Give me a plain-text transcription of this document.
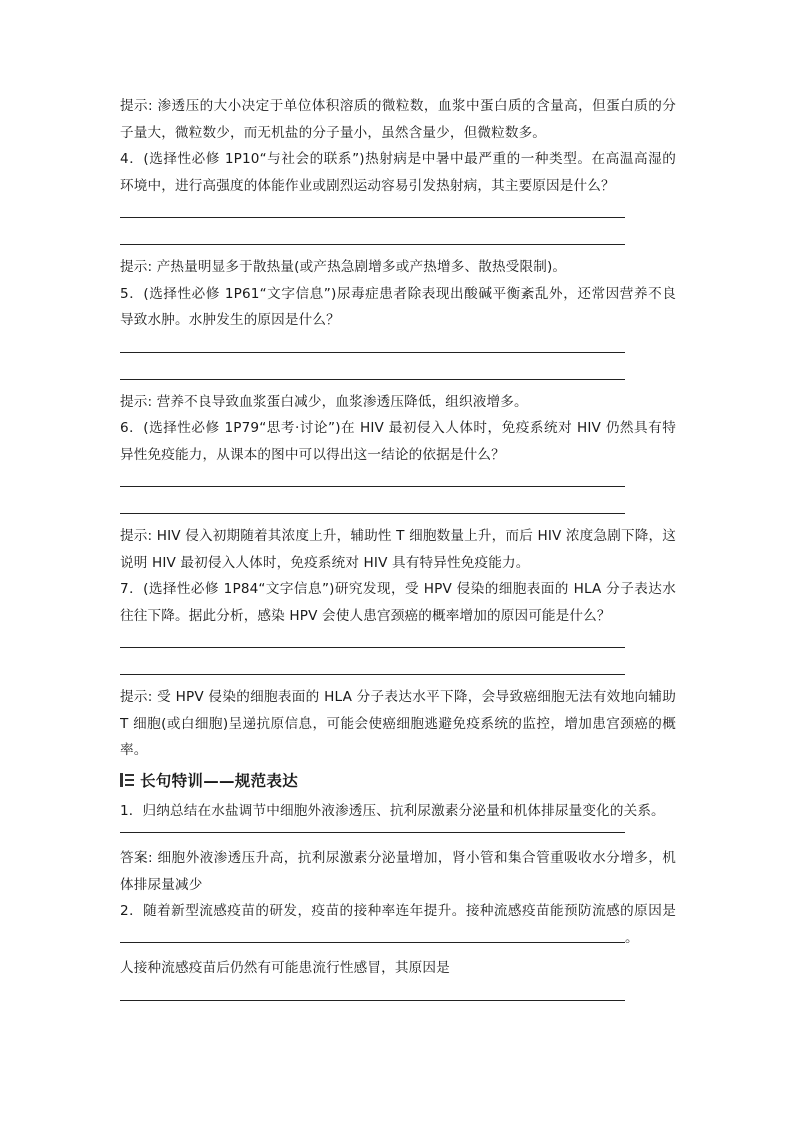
提示: 渗透压的大小决定于单位体积溶质的微粒数，血浆中蛋白质的含量高，但蛋白质的分
子量大，微粒数少，而无机盐的分子量小，虽然含量少，但微粒数多。
4．(选择性必修 1P10“与社会的联系”)热射病是中暑中最严重的一种类型。在高温高湿的
环境中，进行高强度的体能作业或剧烈运动容易引发热射病，其主要原因是什么？
提示: 产热量明显多于散热量(或产热急剧增多或产热增多、散热受限制)。
5．(选择性必修 1P61“文字信息”)尿毒症患者除表现出酸碱平衡紊乱外，还常因营养不良
导致水肿。水肿发生的原因是什么？
提示: 营养不良导致血浆蛋白减少，血浆渗透压降低，组织液增多。
6．(选择性必修 1P79“思考·讨论”)在 HIV 最初侵入人体时，免疫系统对 HIV 仍然具有特
异性免疫能力，从课本的图中可以得出这一结论的依据是什么？
提示: HIV 侵入初期随着其浓度上升，辅助性 T 细胞数量上升，而后 HIV 浓度急剧下降，这
说明 HIV 最初侵入人体时，免疫系统对 HIV 具有特异性免疫能力。
7．(选择性必修 1P84“文字信息”)研究发现，受 HPV 侵染的细胞表面的 HLA 分子表达水
往往下降。据此分析，感染 HPV 会使人患宫颈癌的概率增加的原因可能是什么？
提示: 受 HPV 侵染的细胞表面的 HLA 分子表达水平下降，会导致癌细胞无法有效地向辅助
T 细胞(或白细胞)呈递抗原信息，可能会使癌细胞逃避免疫系统的监控，增加患宫颈癌的概
率。
长句特训——规范表达
1．归纳总结在水盐调节中细胞外液渗透压、抗利尿激素分泌量和机体排尿量变化的关系。
答案: 细胞外液渗透压升高，抗利尿激素分泌量增加，肾小管和集合管重吸收水分增多，机
体排尿量减少
2．随着新型流感疫苗的研发，疫苗的接种率连年提升。接种流感疫苗能预防流感的原因是
。
人接种流感疫苗后仍然有可能患流行性感冒，其原因是
